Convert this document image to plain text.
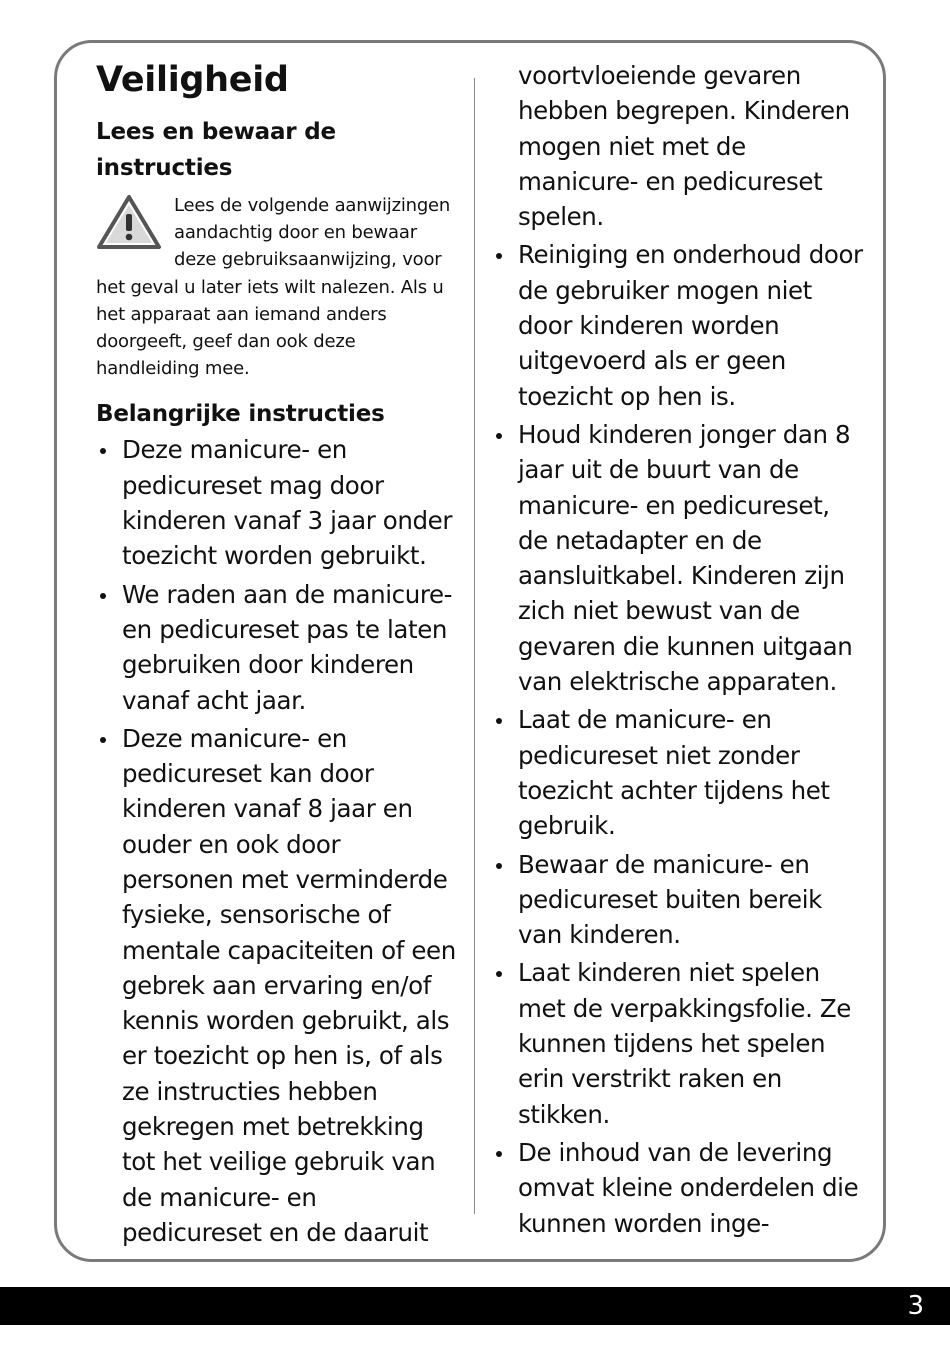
Veiligheid
Lees en bewaar de instructies
Lees de volgende aanwijzingen aandachtig door en bewaar deze gebruiksaanwijzing, voor het geval u later iets wilt nalezen. Als u het apparaat aan iemand anders doorgeeft, geef dan ook deze handleiding mee.
Belangrijke instructies
Deze manicure- en pedicureset mag door kinderen vanaf 3 jaar onder toezicht worden gebruikt.
We raden aan de manicure- en pedicureset pas te laten gebruiken door kinderen vanaf acht jaar.
Deze manicure- en pedicureset kan door kinderen vanaf 8 jaar en ouder en ook door personen met verminderde fysieke, sensorische of mentale capaciteiten of een gebrek aan ervaring en/of kennis worden gebruikt, als er toezicht op hen is, of als ze instructies hebben gekregen met betrekking tot het veilige gebruik van de manicure- en pedicureset en de daaruit
voortvloeiende gevaren hebben begrepen. Kinderen mogen niet met de manicure- en pedicureset spelen.
Reiniging en onderhoud door de gebruiker mogen niet door kinderen worden uitgevoerd als er geen toezicht op hen is.
Houd kinderen jonger dan 8 jaar uit de buurt van de manicure- en pedicureset, de netadapter en de aansluitkabel. Kinderen zijn zich niet bewust van de gevaren die kunnen uitgaan van elektrische apparaten.
Laat de manicure- en pedicureset niet zonder toezicht achter tijdens het gebruik.
Bewaar de manicure- en pedicureset buiten bereik van kinderen.
Laat kinderen niet spelen met de verpakkingsfolie. Ze kunnen tijdens het spelen erin verstrikt raken en stikken.
De inhoud van de levering omvat kleine onderdelen die kunnen worden inge-
3
